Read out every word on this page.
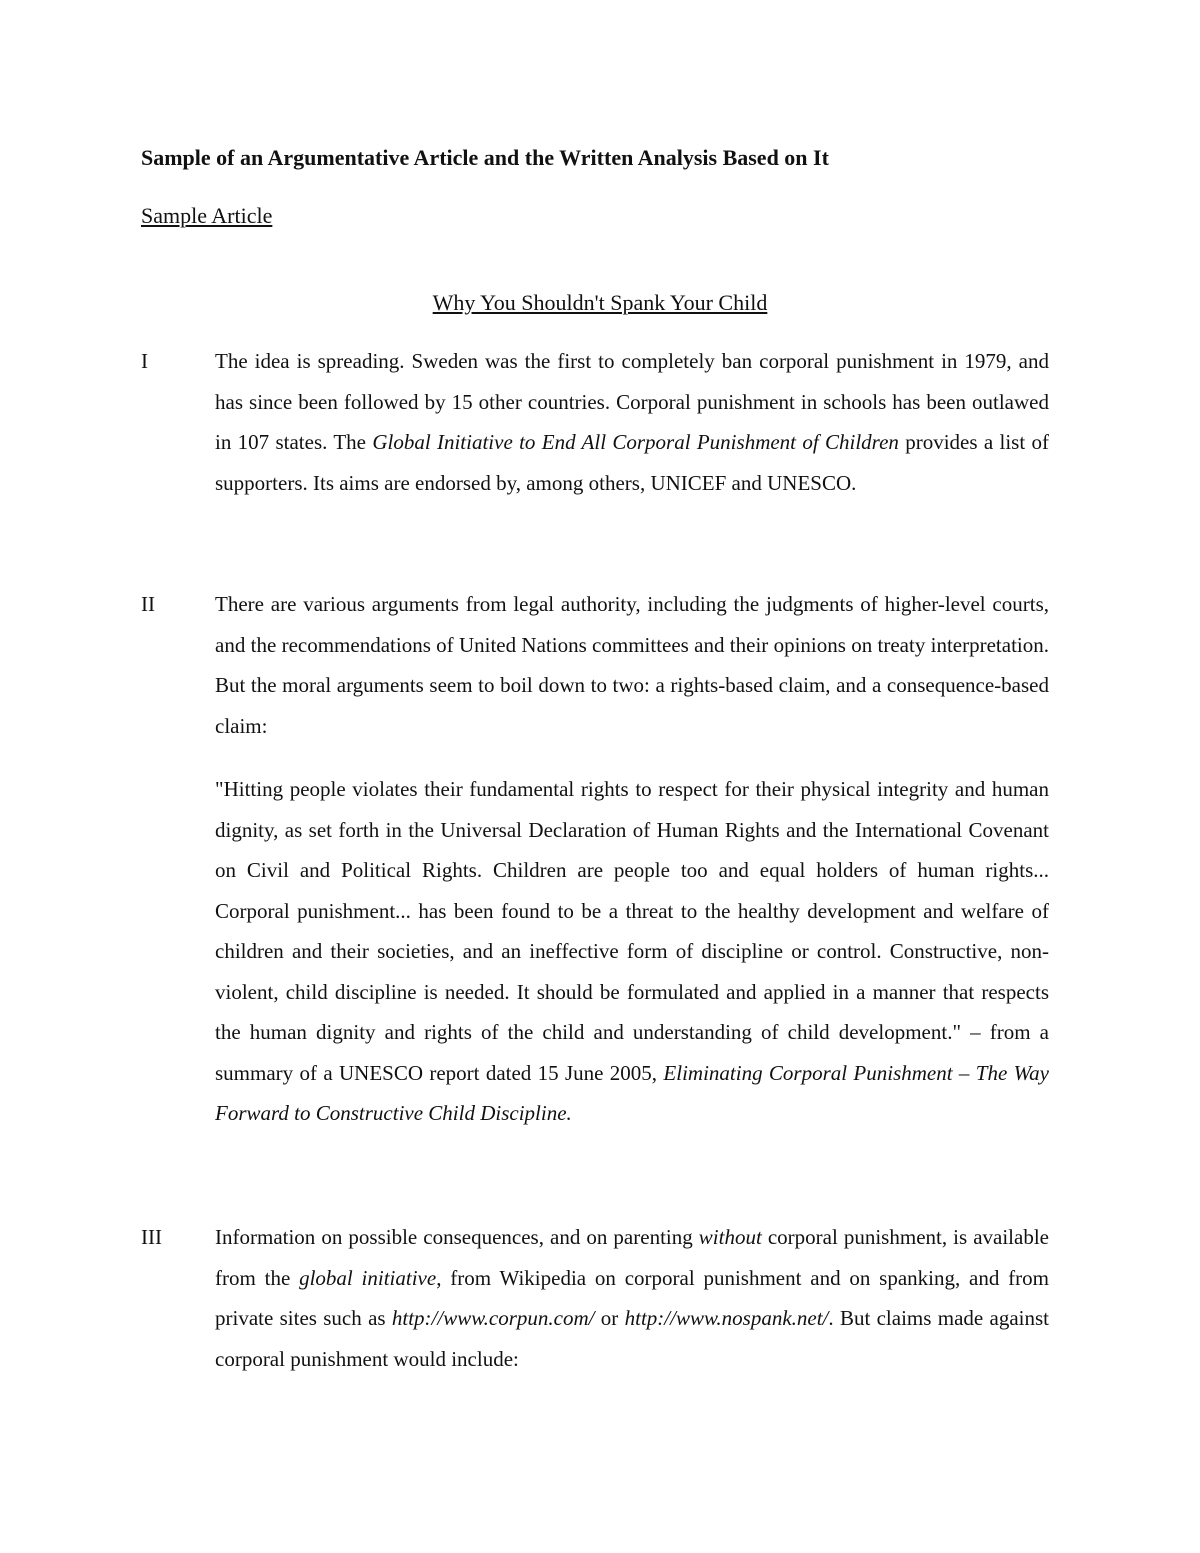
Sample of an Argumentative Article and the Written Analysis Based on It
Sample Article
Why You Shouldn't Spank Your Child
I	The idea is spreading. Sweden was the first to completely ban corporal punishment in 1979, and has since been followed by 15 other countries. Corporal punishment in schools has been outlawed in 107 states. The Global Initiative to End All Corporal Punishment of Children provides a list of supporters. Its aims are endorsed by, among others, UNICEF and UNESCO.
II	There are various arguments from legal authority, including the judgments of higher-level courts, and the recommendations of United Nations committees and their opinions on treaty interpretation. But the moral arguments seem to boil down to two: a rights-based claim, and a consequence-based claim:
"Hitting people violates their fundamental rights to respect for their physical integrity and human dignity, as set forth in the Universal Declaration of Human Rights and the International Covenant on Civil and Political Rights. Children are people too and equal holders of human rights... Corporal punishment... has been found to be a threat to the healthy development and welfare of children and their societies, and an ineffective form of discipline or control. Constructive, non-violent, child discipline is needed. It should be formulated and applied in a manner that respects the human dignity and rights of the child and understanding of child development." – from a summary of a UNESCO report dated 15 June 2005, Eliminating Corporal Punishment – The Way Forward to Constructive Child Discipline.
III	Information on possible consequences, and on parenting without corporal punishment, is available from the global initiative, from Wikipedia on corporal punishment and on spanking, and from private sites such as http://www.corpun.com/ or http://www.nospank.net/. But claims made against corporal punishment would include:
